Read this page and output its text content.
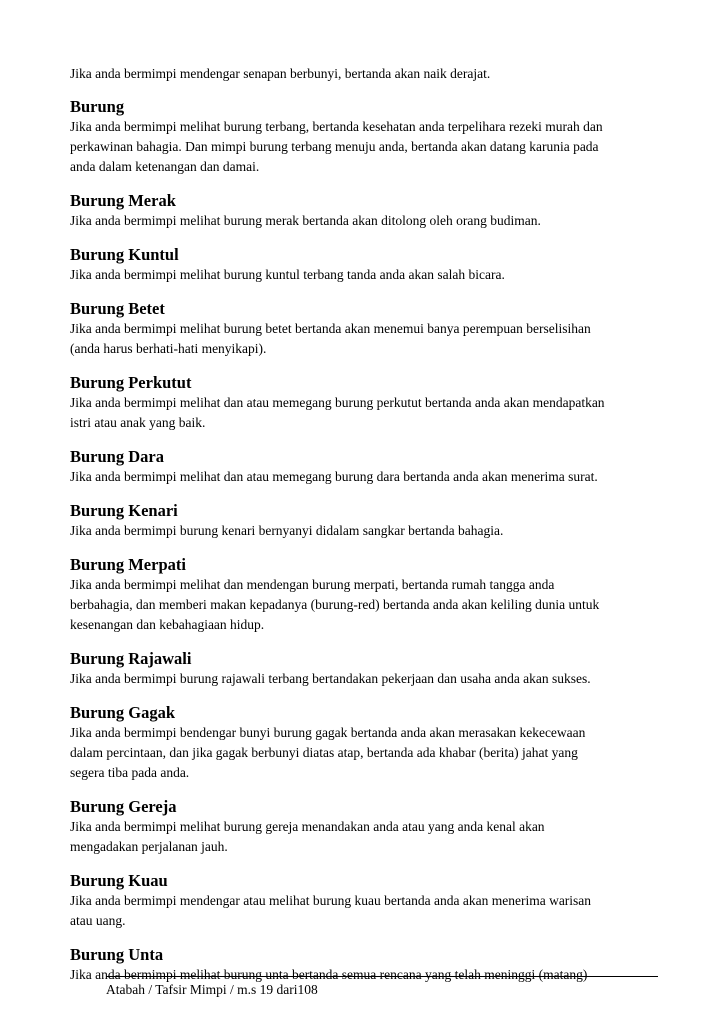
Jika anda bermimpi mendengar senapan berbunyi, bertanda akan naik derajat.

Burung

Jika anda bermimpi melihat burung terbang, bertanda kesehatan anda terpelihara rezeki murah dan
perkawinan bahagia. Dan mimpi burung terbang menuju anda, bertanda akan datang karunia pada
anda dalam ketenangan dan damai.

Burung Merak

Jika anda bermimpi melihat burung merak bertanda akan ditolong oleh orang budiman.

Burung Kuntul

Jika anda bermimpi melihat burung kuntul terbang tanda anda akan salah bicara.

Burung Betet

Jika anda bermimpi melihat burung betet bertanda akan menemui banya perempuan berselisihan
(anda harus berhati-hati menyikapi).

Burung Perkutut

Jika anda bermimpi melihat dan atau memegang burung perkutut bertanda anda akan mendapatkan
istri atau anak yang baik.

Burung Dara

Jika anda bermimpi melihat dan atau memegang burung dara bertanda anda akan menerima surat.

Burung Kenari

Jika anda bermimpi burung kenari bernyanyi didalam sangkar bertanda bahagia.

Burung Merpati

Jika anda bermimpi melihat dan mendengan burung merpati, bertanda rumah tangga anda
berbahagia, dan memberi makan kepadanya (burung-red) bertanda anda akan keliling dunia untuk
kesenangan dan kebahagiaan hidup.

Burung Rajawali

Jika anda bermimpi burung rajawali terbang bertandakan pekerjaan dan usaha anda akan sukses.

Burung Gagak

Jika anda bermimpi bendengar bunyi burung gagak bertanda anda akan merasakan kekecewaan
dalam percintaan, dan jika gagak berbunyi diatas atap, bertanda ada khabar (berita) jahat yang
segera tiba pada anda.

Burung Gereja

Jika anda bermimpi melihat burung gereja menandakan anda atau yang anda kenal akan
mengadakan perjalanan jauh.

Burung Kuau

Jika anda bermimpi mendengar atau melihat burung kuau bertanda anda akan menerima warisan
atau uang.

Burung Unta

Jika anda bermimpi melihat burung unta bertanda semua rencana yang telah meninggi (matang)

Atabah / Tafsir Mimpi / m.s 19 dari108
